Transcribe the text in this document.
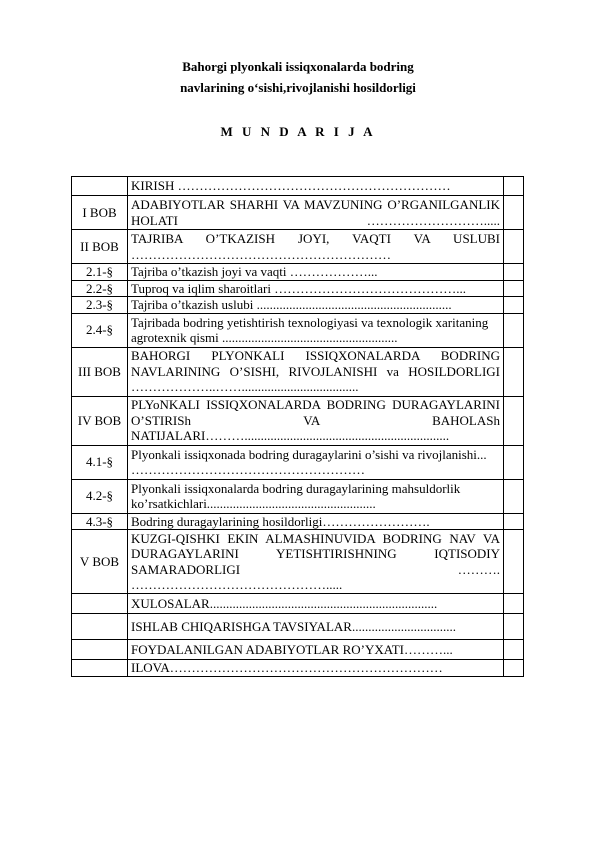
Bahorgi plyonkali issiqxonalarda bodring
navlarining o‘sishi,rivojlanishi hosildorligi
M U N D A R I J A
	KIRISH ………………………………………………………	
I BOB	ADABIYOTLAR SHARHI VA MAVZUNING O’RGANILGANLIK HOLATI ……………………….....	
II BOB	TAJRIBA O’TKAZISH JOYI, VAQTI VA USLUBI ……………………………………………………	
2.1-§	Tajriba o’tkazish joyi va vaqti ………………...	
2.2-§	Tuproq va iqlim sharoitlari ……………………………………...	
2.3-§	Tajriba o’tkazish uslubi ............................................................	
2.4-§	Tajribada bodring yetishtirish texnologiyasi va texnologik xaritaning agrotexnik qismi ......................................................	
III BOB	BAHORGI PLYONKALI ISSIQXONALARDA BODRING NAVLARINING O’SISHI, RIVOJLANISHI va HOSILDORLIGI ………………..……....................................	
IV BOB	PLYoNKALI ISSIQXONALARDA BODRING DURAGAYLARINI O’STIRISh VA BAHOLASh NATIJALARI………...............................................................	
4.1-§	Plyonkali issiqxonada bodring duragaylarini o’sishi va rivojlanishi... ………………………………………………	
4.2-§	Plyonkali issiqxonalarda bodring duragaylarining mahsuldorlik ko’rsatkichlari....................................................	
4.3-§	Bodring duragaylarining hosildorligi…………………….	
V BOB	KUZGI-QISHKI EKIN ALMASHINUVIDA BODRING NAV VA DURAGAYLARINI YETISHTIRISHNING IQTISODIY SAMARADORLIGI ………. ……………………………………….....	
	XULOSALAR......................................................................	
	ISHLAB CHIQARISHGA TAVSIYALAR................................	
	FOYDALANILGAN ADABIYOTLAR RO’YXATI………...	
	ILOVA………………………………………………………	
